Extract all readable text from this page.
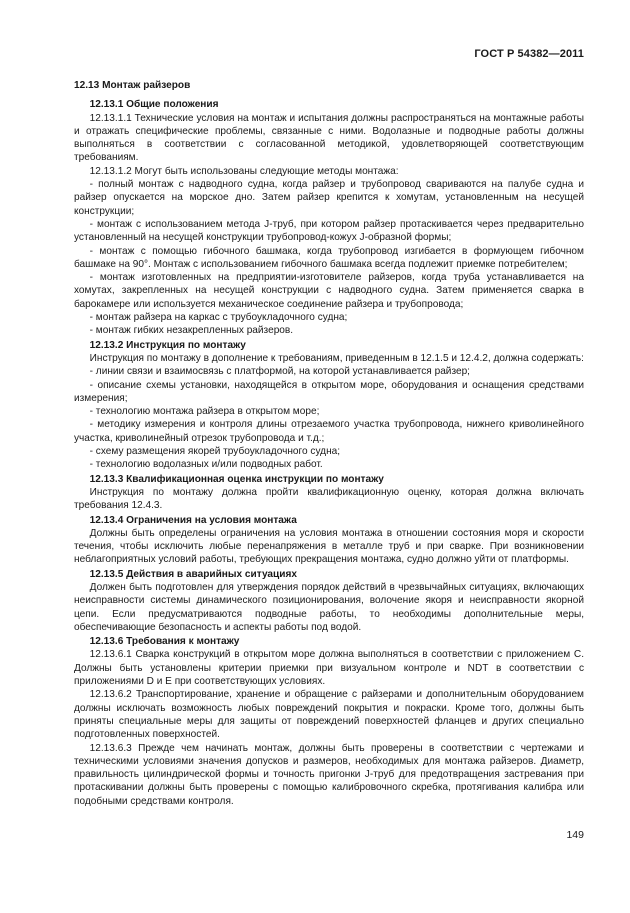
ГОСТ Р 54382—2011

12.13 Монтаж райзеров

12.13.1 Общие положения

12.13.1.1 Технические условия на монтаж и испытания должны распространяться на монтажные работы и отражать специфические проблемы, связанные с ними. Водолазные и подводные работы должны выполняться в соответствии с согласованной методикой, удовлетворяющей соответствующим требованиям.

12.13.1.2 Могут быть использованы следующие методы монтажа:

- полный монтаж с надводного судна, когда райзер и трубопровод свариваются на палубе судна и райзер опускается на морское дно. Затем райзер крепится к хомутам, установленным на несущей конструкции;

- монтаж с использованием метода J-труб, при котором райзер протаскивается через предварительно установленный на несущей конструкции трубопровод-кожух J-образной формы;

- монтаж с помощью гибочного башмака, когда трубопровод изгибается в формующем гибочном башмаке на 90°. Монтаж с использованием гибочного башмака всегда подлежит приемке потребителем;

- монтаж изготовленных на предприятии-изготовителе райзеров, когда труба устанавливается на хомутах, закрепленных на несущей конструкции с надводного судна. Затем применяется сварка в барокамере или используется механическое соединение райзера и трубопровода;

- монтаж райзера на каркас с трубоукладочного судна;

- монтаж гибких незакрепленных райзеров.

12.13.2 Инструкция по монтажу

Инструкция по монтажу в дополнение к требованиям, приведенным в 12.1.5 и 12.4.2, должна содержать:

- линии связи и взаимосвязь с платформой, на которой устанавливается райзер;

- описание схемы установки, находящейся в открытом море, оборудования и оснащения средствами измерения;

- технологию монтажа райзера в открытом море;

- методику измерения и контроля длины отрезаемого участка трубопровода, нижнего криволинейного участка, криволинейный отрезок трубопровода и т.д.;

- схему размещения якорей трубоукладочного судна;

- технологию водолазных и/или подводных работ.

12.13.3 Квалификационная оценка инструкции по монтажу

Инструкция по монтажу должна пройти квалификационную оценку, которая должна включать требования 12.4.3.

12.13.4 Ограничения на условия монтажа

Должны быть определены ограничения на условия монтажа в отношении состояния моря и скорости течения, чтобы исключить любые перенапряжения в металле труб и при сварке. При возникновении неблагоприятных условий работы, требующих прекращения монтажа, судно должно уйти от платформы.

12.13.5 Действия в аварийных ситуациях

Должен быть подготовлен для утверждения порядок действий в чрезвычайных ситуациях, включающих неисправности системы динамического позиционирования, волочение якоря и неисправности якорной цепи. Если предусматриваются подводные работы, то необходимы дополнительные меры, обеспечивающие безопасность и аспекты работы под водой.

12.13.6 Требования к монтажу

12.13.6.1 Сварка конструкций в открытом море должна выполняться в соответствии с приложением С. Должны быть установлены критерии приемки при визуальном контроле и NDT в соответствии с приложениями D и E при соответствующих условиях.

12.13.6.2 Транспортирование, хранение и обращение с райзерами и дополнительным оборудованием должны исключать возможность любых повреждений покрытия и покраски. Кроме того, должны быть приняты специальные меры для защиты от повреждений поверхностей фланцев и других специально подготовленных поверхностей.

12.13.6.3 Прежде чем начинать монтаж, должны быть проверены в соответствии с чертежами и техническими условиями значения допусков и размеров, необходимых для монтажа райзеров. Диаметр, правильность цилиндрической формы и точность пригонки J-труб для предотвращения застревания при протаскивании должны быть проверены с помощью калибровочного скребка, протягивания калибра или подобными средствами контроля.

149
